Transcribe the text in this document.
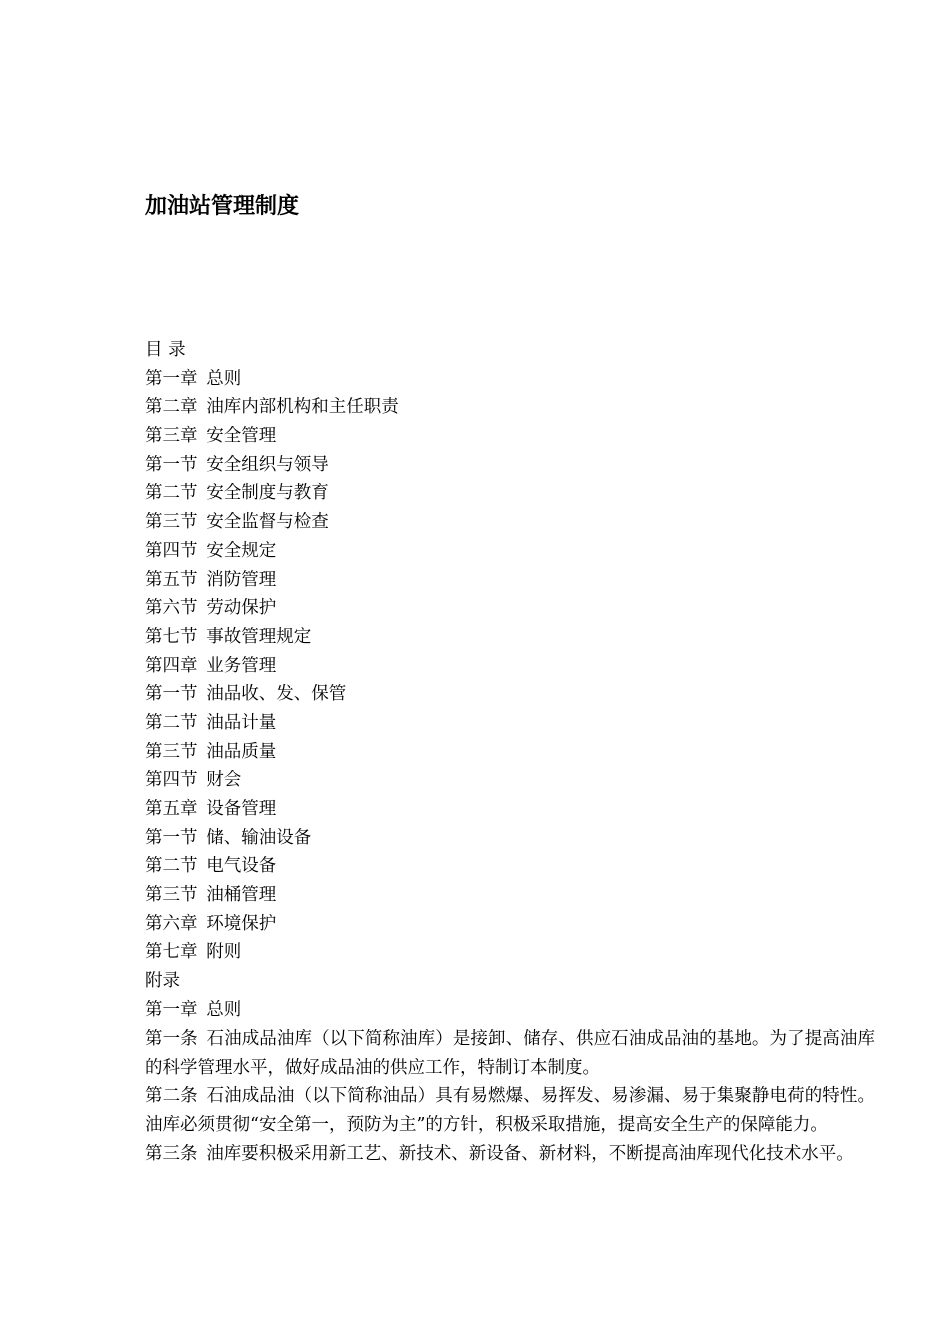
加油站管理制度
目 录
第一章 总则
第二章 油库内部机构和主任职责
第三章 安全管理
第一节 安全组织与领导
第二节 安全制度与教育
第三节 安全监督与检查
第四节 安全规定
第五节 消防管理
第六节 劳动保护
第七节 事故管理规定
第四章 业务管理
第一节 油品收、发、保管
第二节 油品计量
第三节 油品质量
第四节 财会
第五章 设备管理
第一节 储、输油设备
第二节 电气设备
第三节 油桶管理
第六章 环境保护
第七章 附则
附录
第一章 总则

第一条 石油成品油库（以下简称油库）是接卸、储存、供应石油成品油的基地。为了提高油库的科学管理水平，做好成品油的供应工作，特制订本制度。

第二条 石油成品油（以下简称油品）具有易燃爆、易挥发、易渗漏、易于集聚静电荷的特性。油库必须贯彻“安全第一，预防为主”的方针，积极采取措施，提高安全生产的保障能力。

第三条 油库要积极采用新工艺、新技术、新设备、新材料，不断提高油库现代化技术水平。
